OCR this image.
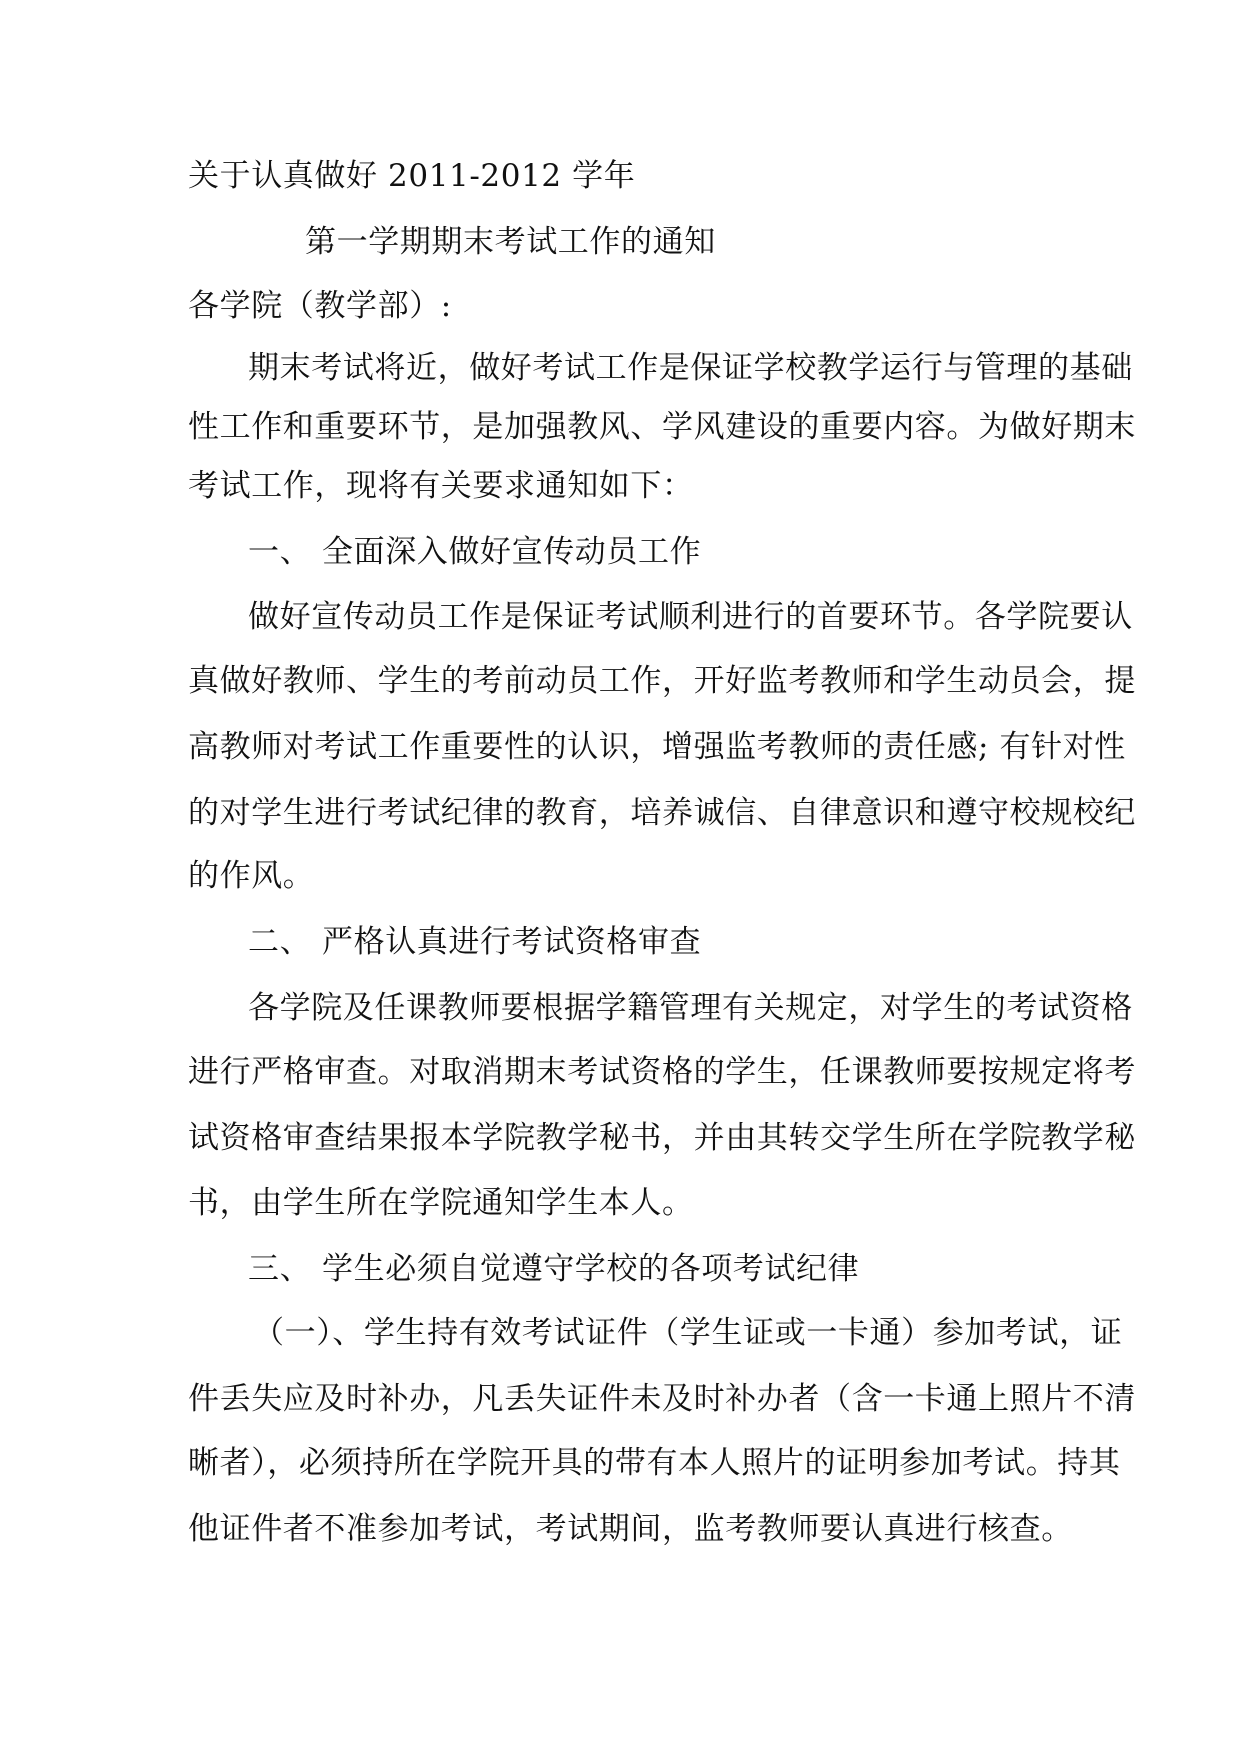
关于认真做好 2011-2012 学年
第一学期期末考试工作的通知
各学院（教学部）:
期末考试将近，做好考试工作是保证学校教学运行与管理的基础
性工作和重要环节，是加强教风、学风建设的重要内容。为做好期末
考试工作，现将有关要求通知如下：
一、 全面深入做好宣传动员工作
做好宣传动员工作是保证考试顺利进行的首要环节。各学院要认
真做好教师、学生的考前动员工作，开好监考教师和学生动员会，提
高教师对考试工作重要性的认识，增强监考教师的责任感; 有针对性
的对学生进行考试纪律的教育，培养诚信、自律意识和遵守校规校纪
的作风。
二、 严格认真进行考试资格审查
各学院及任课教师要根据学籍管理有关规定，对学生的考试资格
进行严格审查。对取消期末考试资格的学生，任课教师要按规定将考
试资格审查结果报本学院教学秘书，并由其转交学生所在学院教学秘
书，由学生所在学院通知学生本人。
三、 学生必须自觉遵守学校的各项考试纪律
（一）、学生持有效考试证件（学生证或一卡通）参加考试，证
件丢失应及时补办，凡丢失证件未及时补办者（含一卡通上照片不清
晰者），必须持所在学院开具的带有本人照片的证明参加考试。持其
他证件者不准参加考试，考试期间，监考教师要认真进行核查。
